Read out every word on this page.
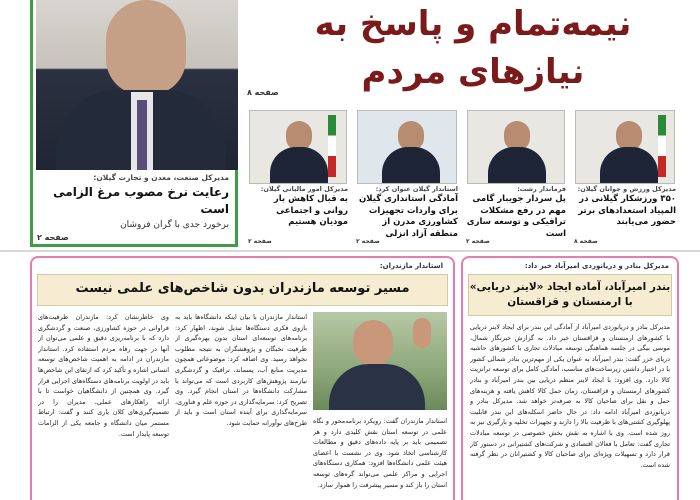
نیمه‌تمام و پاسخ به
نیازهای مردم
صفحه ۸
مدیرکل صنعت، معدن و تجارت گیلان:
رعایت نرخ مصوب مرغ الزامی است
برخورد جدی با گران فروشان
صفحه ۲
مدیرکل ورزش و جوانان گیلان:
۳۵۰ ورزشکار گیلانی در المپیاد استعدادهای برتر حضور می‌یابند
صفحه ۸
فرماندار رشت:
پل سردار جویبار گامی مهم در رفع مشکلات ترافیکی و توسعه ساری است
صفحه ۲
استاندار گیلان عنوان کرد:
آمادگی استانداری گیلان برای واردات تجهیزات کشاورزی مدرن از منطقه آزاد انزلی
صفحه ۲
مدیرکل امور مالیاتی گیلان:
به قبال کاهش بار روانی و اجتماعی مودیان هستیم
صفحه ۲
مدیرکل بنادر و دریانوردی امیرآباد خبر داد:
بندر امیرآباد، آماده ایجاد «لاینر دریایی» با ارمنستان و قزاقستان
مدیرکل بنادر و دریانوردی امیرآباد از آمادگی این بندر برای ایجاد لاینر دریایی با کشورهای ارمنستان و قزاقستان خبر داد. به گزارش خبرنگار شمال، موسی بیگی در جلسه هماهنگی توسعه مبادلات تجاری با کشورهای حاشیه دریای خزر گفت: بندر امیرآباد به عنوان یکی از مهم‌ترین بنادر شمالی کشور با در اختیار داشتن زیرساخت‌های مناسب، آمادگی کامل برای توسعه ترانزیت کالا دارد. وی افزود: با ایجاد لاینر منظم دریایی بین بندر امیرآباد و بنادر کشورهای ارمنستان و قزاقستان، زمان حمل کالا کاهش یافته و هزینه‌های حمل و نقل برای صاحبان کالا به صرفه‌تر خواهد شد. مدیرکل بنادر و دریانوردی امیرآباد ادامه داد: در حال حاضر اسکله‌های این بندر قابلیت پهلوگیری کشتی‌های با ظرفیت بالا را دارند و تجهیزات تخلیه و بارگیری نیز به روز شده است. وی با اشاره به نقش بخش خصوصی در توسعه مبادلات تجاری گفت: تعامل با فعالان اقتصادی و شرکت‌های کشتیرانی در دستور کار قرار دارد و تسهیلات ویژه‌ای برای صاحبان کالا و کشتیرانان در نظر گرفته شده است.
استاندار مازندران:
مسیر توسعه مازندران بدون شاخص‌های علمی نیست
استاندار مازندران گفت: رویکرد برنامه‌محور و نگاه علمی در توسعه استان نقش کلیدی دارد و هر تصمیمی باید بر پایه داده‌های دقیق و مطالعات کارشناسی اتخاذ شود. وی در نشست با اعضای هیئت علمی دانشگاه‌ها افزود: همکاری دستگاه‌های اجرایی و مراکز علمی می‌تواند گره‌های توسعه استان را باز کند و مسیر پیشرفت را هموار سازد.
استاندار مازندران با بیان اینکه دانشگاه‌ها باید به بازوی فکری دستگاه‌ها تبدیل شوند، اظهار کرد: برنامه‌های توسعه‌ای استان بدون بهره‌گیری از ظرفیت نخبگان و پژوهشگران به نتیجه مطلوب نخواهد رسید. وی اضافه کرد: موضوعاتی همچون مدیریت منابع آب، پسماند، ترافیک و گردشگری نیازمند پژوهش‌های کاربردی است که می‌تواند با مشارکت دانشگاه‌ها در استان انجام گیرد. وی تصریح کرد: سرمایه‌گذاری در حوزه علم و فناوری، سرمایه‌گذاری برای آینده استان است و باید از طرح‌های نوآورانه حمایت شود.
وی خاطرنشان کرد: مازندران ظرفیت‌های فراوانی در حوزه کشاورزی، صنعت و گردشگری دارد که با برنامه‌ریزی دقیق و علمی می‌توان از آنها در جهت رفاه مردم استفاده کرد. استاندار مازندران در ادامه به اهمیت شاخص‌های توسعه انسانی اشاره و تأکید کرد که ارتقای این شاخص‌ها باید در اولویت برنامه‌های دستگاه‌های اجرایی قرار گیرد. وی همچنین از دانشگاهیان خواست تا با ارائه راهکارهای عملی، مدیران را در تصمیم‌گیری‌های کلان یاری کنند و گفت: ارتباط مستمر میان دانشگاه و جامعه یکی از الزامات توسعه پایدار است.
